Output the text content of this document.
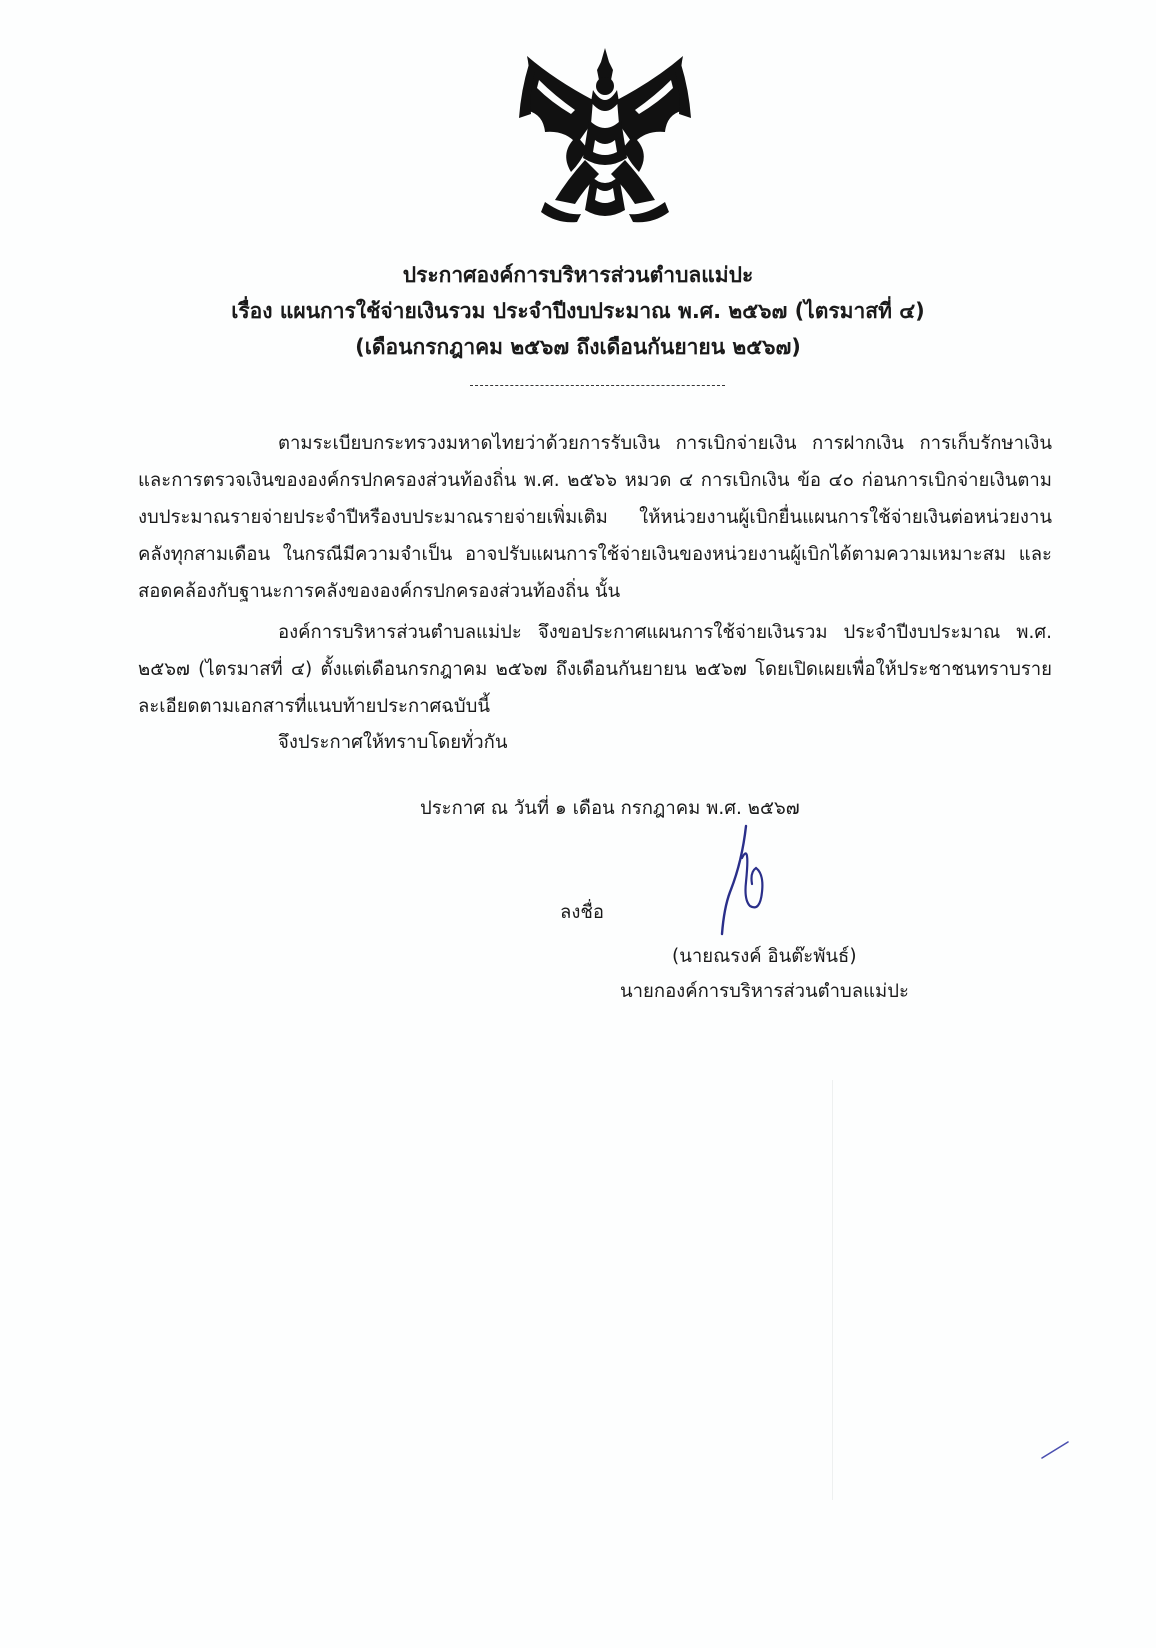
ประกาศองค์การบริหารส่วนตำบลแม่ปะ
เรื่อง แผนการใช้จ่ายเงินรวม ประจำปีงบประมาณ พ.ศ. ๒๕๖๗ (ไตรมาสที่ ๔)
(เดือนกรกฎาคม ๒๕๖๗ ถึงเดือนกันยายน ๒๕๖๗)

ตามระเบียบกระทรวงมหาดไทยว่าด้วยการรับเงิน การเบิกจ่ายเงิน การฝากเงิน การเก็บรักษาเงิน และการตรวจเงินขององค์กรปกครองส่วนท้องถิ่น พ.ศ. ๒๕๖๖ หมวด ๔ การเบิกเงิน ข้อ ๔๐ ก่อนการเบิกจ่ายเงินตามงบประมาณรายจ่ายประจำปีหรืองบประมาณรายจ่ายเพิ่มเติม ให้หน่วยงานผู้เบิกยื่นแผนการใช้จ่ายเงินต่อหน่วยงานคลังทุกสามเดือน ในกรณีมีความจำเป็น อาจปรับแผนการใช้จ่ายเงินของหน่วยงานผู้เบิกได้ตามความเหมาะสม และสอดคล้องกับฐานะการคลังขององค์กรปกครองส่วนท้องถิ่น นั้น

องค์การบริหารส่วนตำบลแม่ปะ จึงขอประกาศแผนการใช้จ่ายเงินรวม ประจำปีงบประมาณ พ.ศ. ๒๕๖๗ (ไตรมาสที่ ๔) ตั้งแต่เดือนกรกฎาคม ๒๕๖๗ ถึงเดือนกันยายน ๒๕๖๗ โดยเปิดเผยเพื่อให้ประชาชนทราบรายละเอียดตามเอกสารที่แนบท้ายประกาศฉบับนี้

จึงประกาศให้ทราบโดยทั่วกัน
ประกาศ ณ วันที่ ๑ เดือน กรกฎาคม พ.ศ. ๒๕๖๗
ลงชื่อ
(นายณรงค์ อินต๊ะพันธ์)
นายกองค์การบริหารส่วนตำบลแม่ปะ
